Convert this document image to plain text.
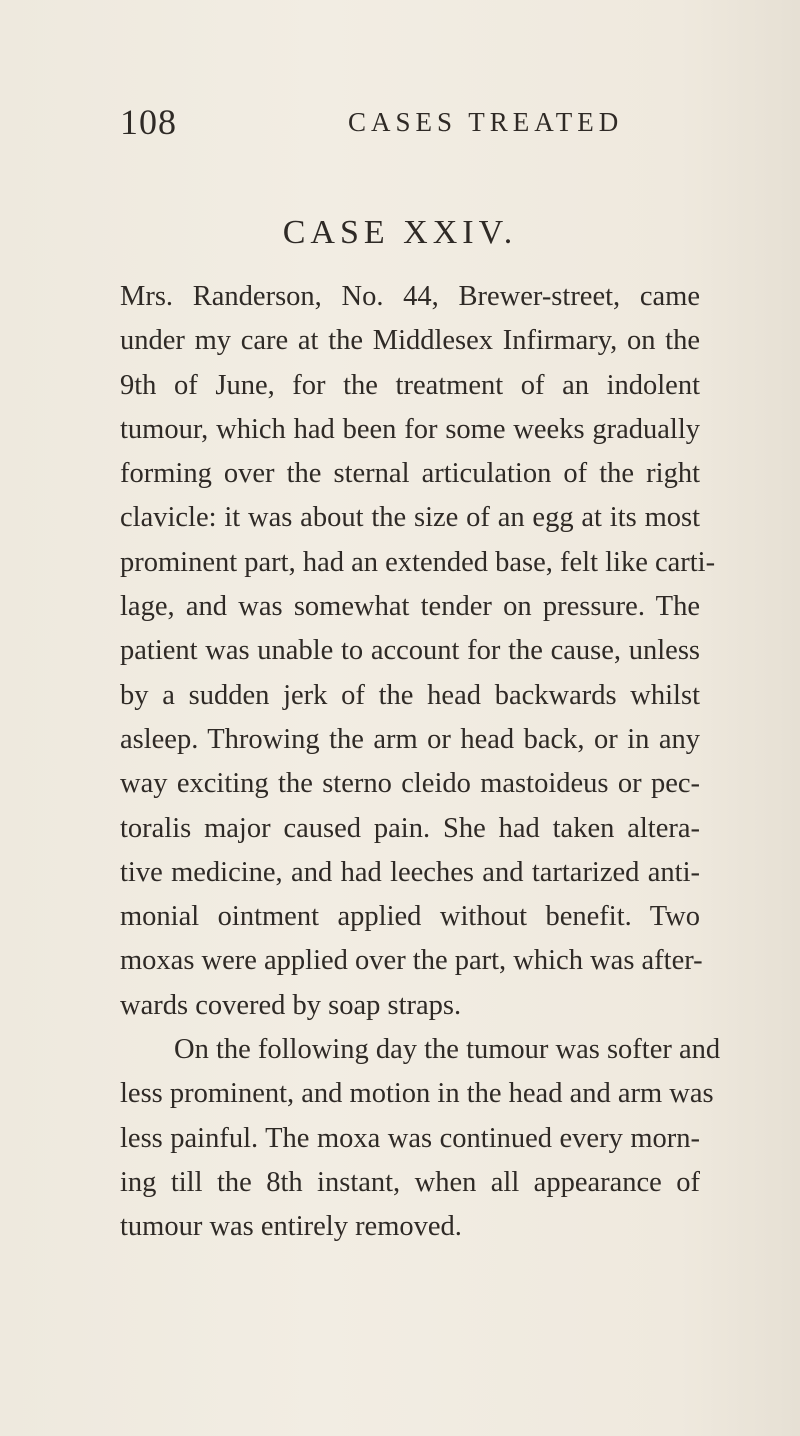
108	CASES TREATED
CASE XXIV.
Mrs. Randerson, No. 44, Brewer-street, came
under my care at the Middlesex Infirmary, on the
9th of June, for the treatment of an indolent
tumour, which had been for some weeks gradually
forming over the sternal articulation of the right
clavicle: it was about the size of an egg at its most
prominent part, had an extended base, felt like carti-
lage, and was somewhat tender on pressure. The
patient was unable to account for the cause, unless
by a sudden jerk of the head backwards whilst
asleep. Throwing the arm or head back, or in any
way exciting the sterno cleido mastoideus or pec-
toralis major caused pain. She had taken altera-
tive medicine, and had leeches and tartarized anti-
monial ointment applied without benefit. Two
moxas were applied over the part, which was after-
wards covered by soap straps.
On the following day the tumour was softer and
less prominent, and motion in the head and arm was
less painful. The moxa was continued every morn-
ing till the 8th instant, when all appearance of
tumour was entirely removed.
